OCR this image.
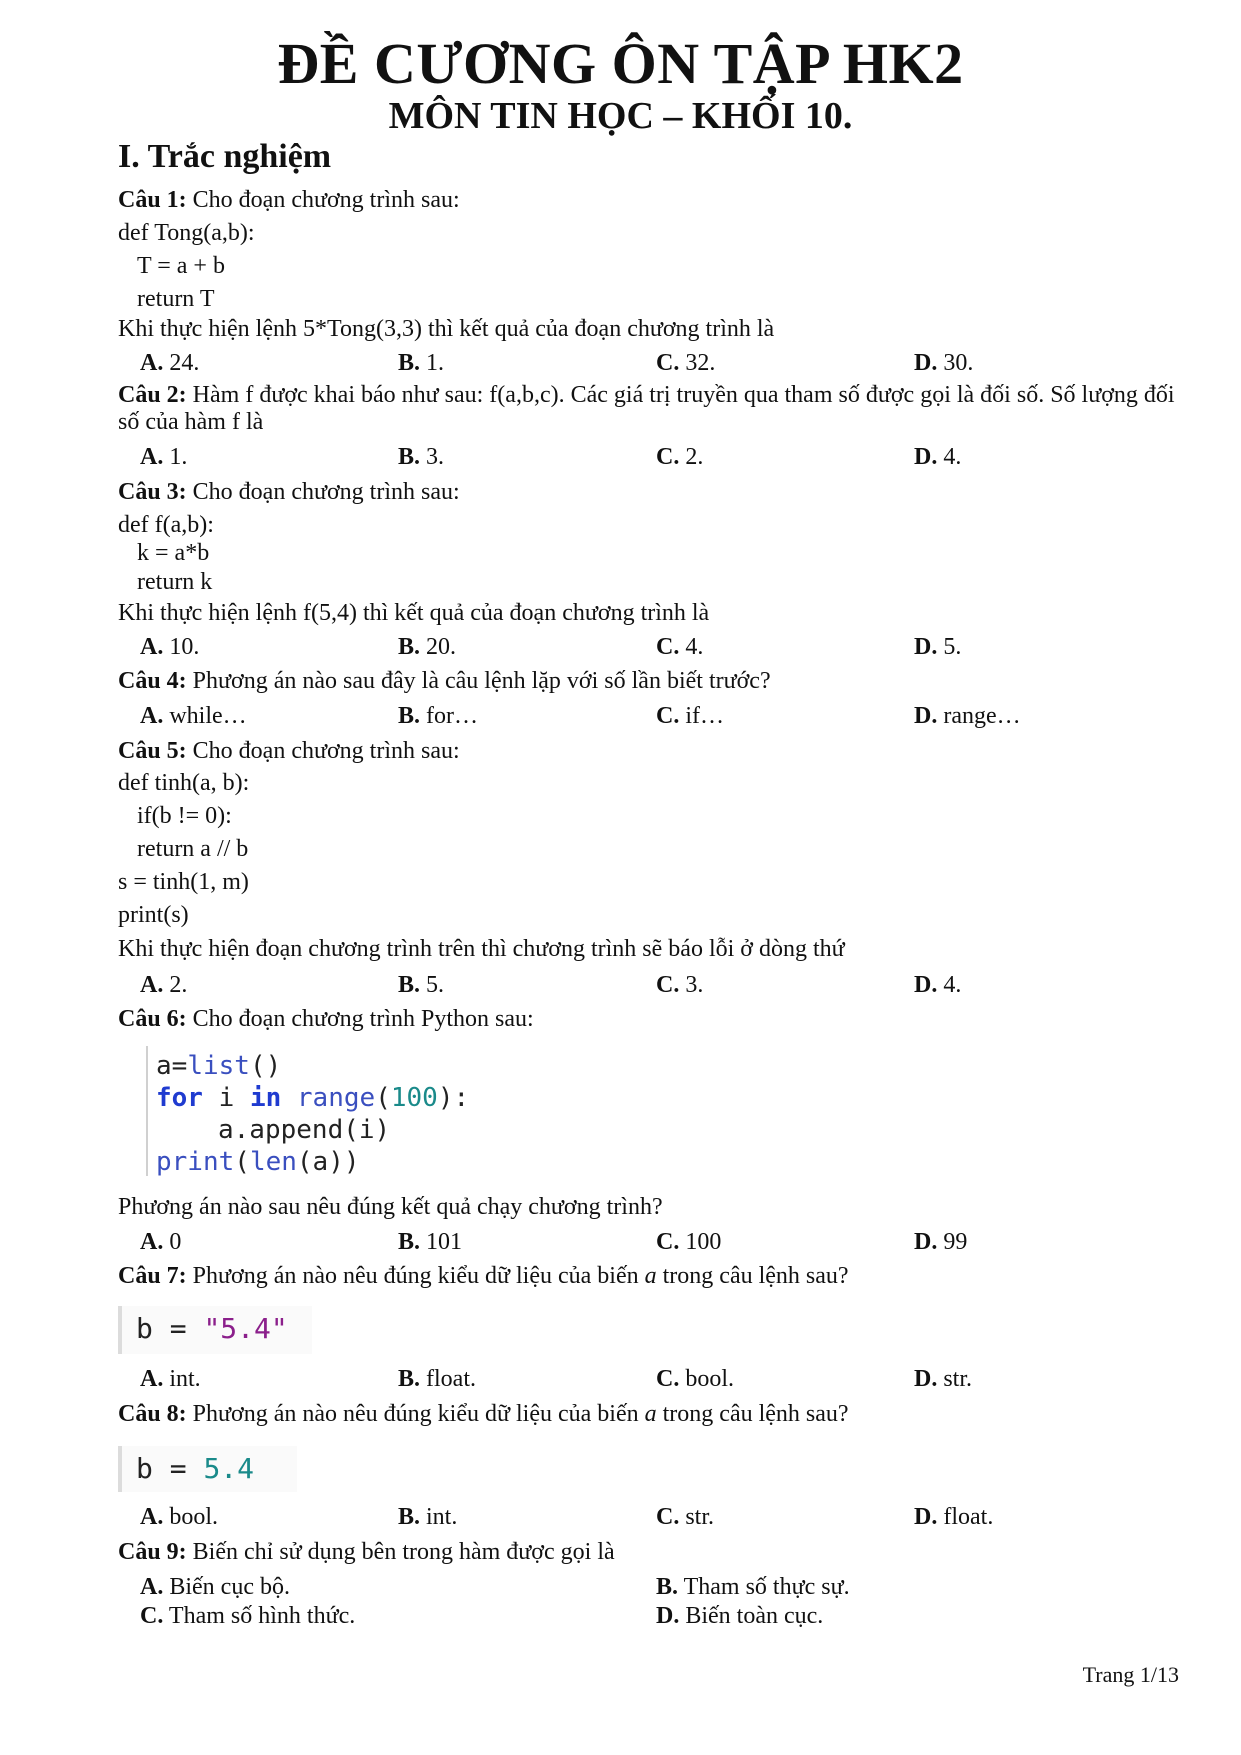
ĐỀ CƯƠNG ÔN TẬP HK2
MÔN TIN HỌC – KHỐI 10.
I. Trắc nghiệm
Câu 1: Cho đoạn chương trình sau:
def Tong(a,b):
T = a + b
return T
Khi thực hiện lệnh 5*Tong(3,3) thì kết quả của đoạn chương trình là
A. 24.	B. 1.	C. 32.	D. 30.
Câu 2: Hàm f được khai báo như sau: f(a,b,c). Các giá trị truyền qua tham số được gọi là đối số. Số lượng đối số của hàm f là
A. 1.	B. 3.	C. 2.	D. 4.
Câu 3: Cho đoạn chương trình sau:
def f(a,b):
k = a*b
return k
Khi thực hiện lệnh f(5,4) thì kết quả của đoạn chương trình là
A. 10.	B. 20.	C. 4.	D. 5.
Câu 4: Phương án nào sau đây là câu lệnh lặp với số lần biết trước?
A. while…	B. for…	C. if…	D. range…
Câu 5: Cho đoạn chương trình sau:
def tinh(a, b):
if(b != 0):
return a // b
s = tinh(1, m)
print(s)
Khi thực hiện đoạn chương trình trên thì chương trình sẽ báo lỗi ở dòng thứ
A. 2.	B. 5.	C. 3.	D. 4.
Câu 6: Cho đoạn chương trình Python sau:
a=list()
for i in range(100):
a.append(i)
print(len(a))
Phương án nào sau nêu đúng kết quả chạy chương trình?
A. 0	B. 101	C. 100	D. 99
Câu 7: Phương án nào nêu đúng kiểu dữ liệu của biến a trong câu lệnh sau?
b = "5.4"
A. int.	B. float.	C. bool.	D. str.
Câu 8: Phương án nào nêu đúng kiểu dữ liệu của biến a trong câu lệnh sau?
b = 5.4
A. bool.	B. int.	C. str.	D. float.
Câu 9: Biến chỉ sử dụng bên trong hàm được gọi là
A. Biến cục bộ.	B. Tham số thực sự.
C. Tham số hình thức.	D. Biến toàn cục.
Trang 1/13
